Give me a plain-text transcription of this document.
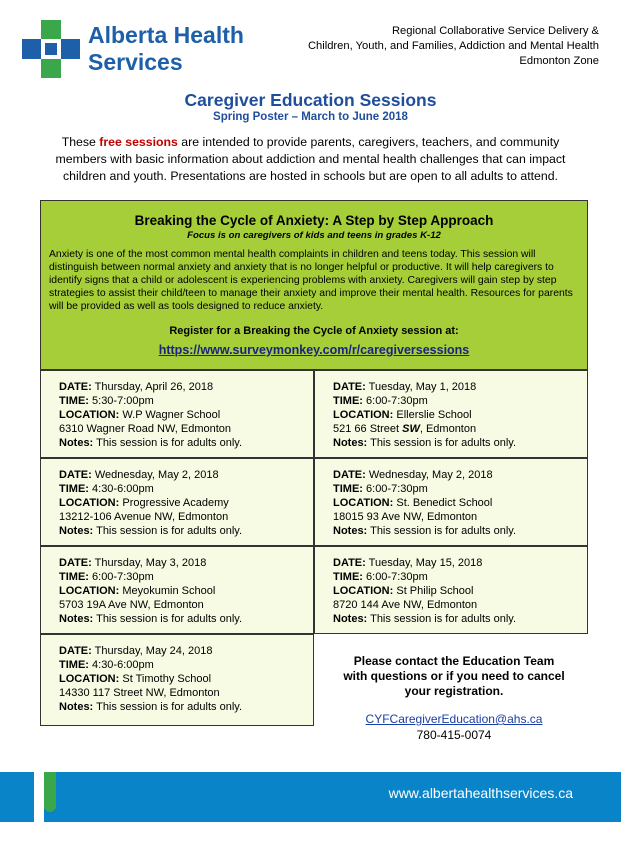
Alberta Health
Services
Regional Collaborative Service Delivery &
Children, Youth, and Families, Addiction and Mental Health
Edmonton Zone
Caregiver Education Sessions
Spring Poster – March to June 2018
These free sessions are intended to provide parents, caregivers, teachers, and community members with basic information about addiction and mental health challenges that can impact children and youth. Presentations are hosted in schools but are open to all adults to attend.
Breaking the Cycle of Anxiety: A Step by Step Approach
Focus is on caregivers of kids and teens in grades K-12
Anxiety is one of the most common mental health complaints in children and teens today. This session will distinguish between normal anxiety and anxiety that is no longer helpful or productive. It will help caregivers to identify signs that a child or adolescent is experiencing problems with anxiety. Caregivers will gain step by step strategies to assist their child/teen to manage their anxiety and improve their mental health. Resources for parents will be provided as well as tools designed to reduce anxiety.
Register for a Breaking the Cycle of Anxiety session at:
https://www.surveymonkey.com/r/caregiversessions
DATE: Thursday, April 26, 2018
TIME: 5:30-7:00pm
LOCATION: W.P Wagner School
6310 Wagner Road NW, Edmonton
Notes: This session is for adults only.
DATE: Tuesday, May 1, 2018
TIME: 6:00-7:30pm
LOCATION: Ellerslie School
521 66 Street SW, Edmonton
Notes: This session is for adults only.
DATE: Wednesday, May 2, 2018
TIME: 4:30-6:00pm
LOCATION: Progressive Academy
13212-106 Avenue NW, Edmonton
Notes: This session is for adults only.
DATE: Wednesday, May 2, 2018
TIME: 6:00-7:30pm
LOCATION: St. Benedict School
18015 93 Ave NW, Edmonton
Notes: This session is for adults only.
DATE: Thursday, May 3, 2018
TIME: 6:00-7:30pm
LOCATION: Meyokumin School
5703 19A Ave NW, Edmonton
Notes: This session is for adults only.
DATE: Tuesday, May 15, 2018
TIME: 6:00-7:30pm
LOCATION: St Philip School
8720 144 Ave NW, Edmonton
Notes: This session is for adults only.
DATE: Thursday, May 24, 2018
TIME: 4:30-6:00pm
LOCATION: St Timothy School
14330 117 Street NW, Edmonton
Notes: This session is for adults only.
Please contact the Education Team
with questions or if you need to cancel
your registration.
CYFCaregiverEducation@ahs.ca
780-415-0074
www.albertahealthservices.ca
